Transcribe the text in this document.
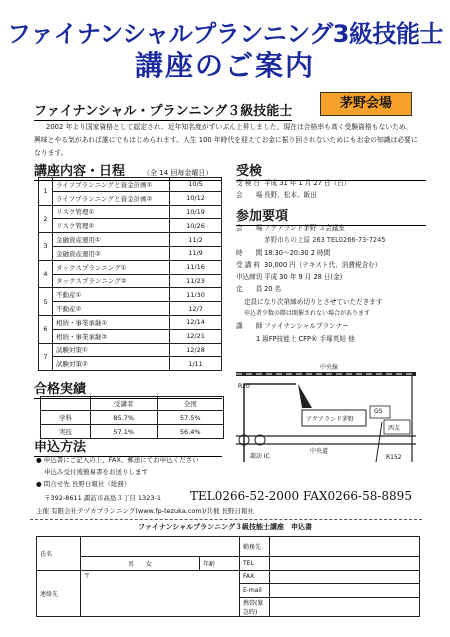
ファイナンシャルプランニング3級技能士
講座のご案内
ファイナンシャル・プランニング３級技能士
茅野会場
2002 年より国家資格として認定され、近年知名度がずいぶん上昇しました。現在は合格率も高く受験資格もないため、興味とやる気があれば誰にでもはじめられます。人生 100 年時代を迎えてお金に振り回されないためにもお金の知識は必要になります。
講座内容・日程	（全 14 回毎金曜日）
1	ライフプランニングと資金計画①	10/5
	ライフプランニングと資金計画②	10/12
2	リスク管理①	10/19
	リスク管理②	10/26
3	金融資産運用①	11/2
	金融資産運用②	11/9
4	タックスプランニング①	11/16
	タックスプランニング②	11/23
5	不動産①	11/30
	不動産②	12/7
6	相続・事業承継①	12/14
	相続・事業承継②	12/21
7	試験対策①	12/28
	試験対策②	1/11
合格実績
	受講者	全国
学科	85.7%	57.5%
実技	57.1%	56.4%
受検
受 検 日 平成 31 年 1 月 27 日（日）
会　　場 長野、松本、飯田
参加要項
会　　場 アクアランド茅野 ３会議室
茅野市ちの上原 263 TEL0266-73-7245
時　　間 18:30～20:30 2 時間
受 講 料 30,000 円（テキスト代、消費税含む）
申込締切 平成 30 年 9 月 28 日(金)
定　　員 20 名
定員になり次第締め切りとさせていただきます
申込者少数の際は開催されない場合があります
講　　師 ファイナンシャルプランナー
1 級FP技能士 CFP® 手塚英旭 他
中央線
R20
アクアランド茅野
GS
西友
諏訪 IC
中央道
R152
申込方法
● 申込書にご記入の上、FAX、郵送にてお申込ください
申込み受付後簡易書をお送りします
● 問合せ先 長野日報社（総務）
〒392-8611 諏訪市高島３丁目 1323-1	TEL0266-52-2000 FAX0266-58-8895
主催 有限会社テヅカプランニング(www.fp-tezuka.com)/共催 長野日報社
ファイナンシャルプランニング３級技能士講座　申込書
氏名			勤務先	
	男　　女	年齢	TEL	
連絡先	〒		FAX	
			E-mail	
			携帯(緊急時)	
